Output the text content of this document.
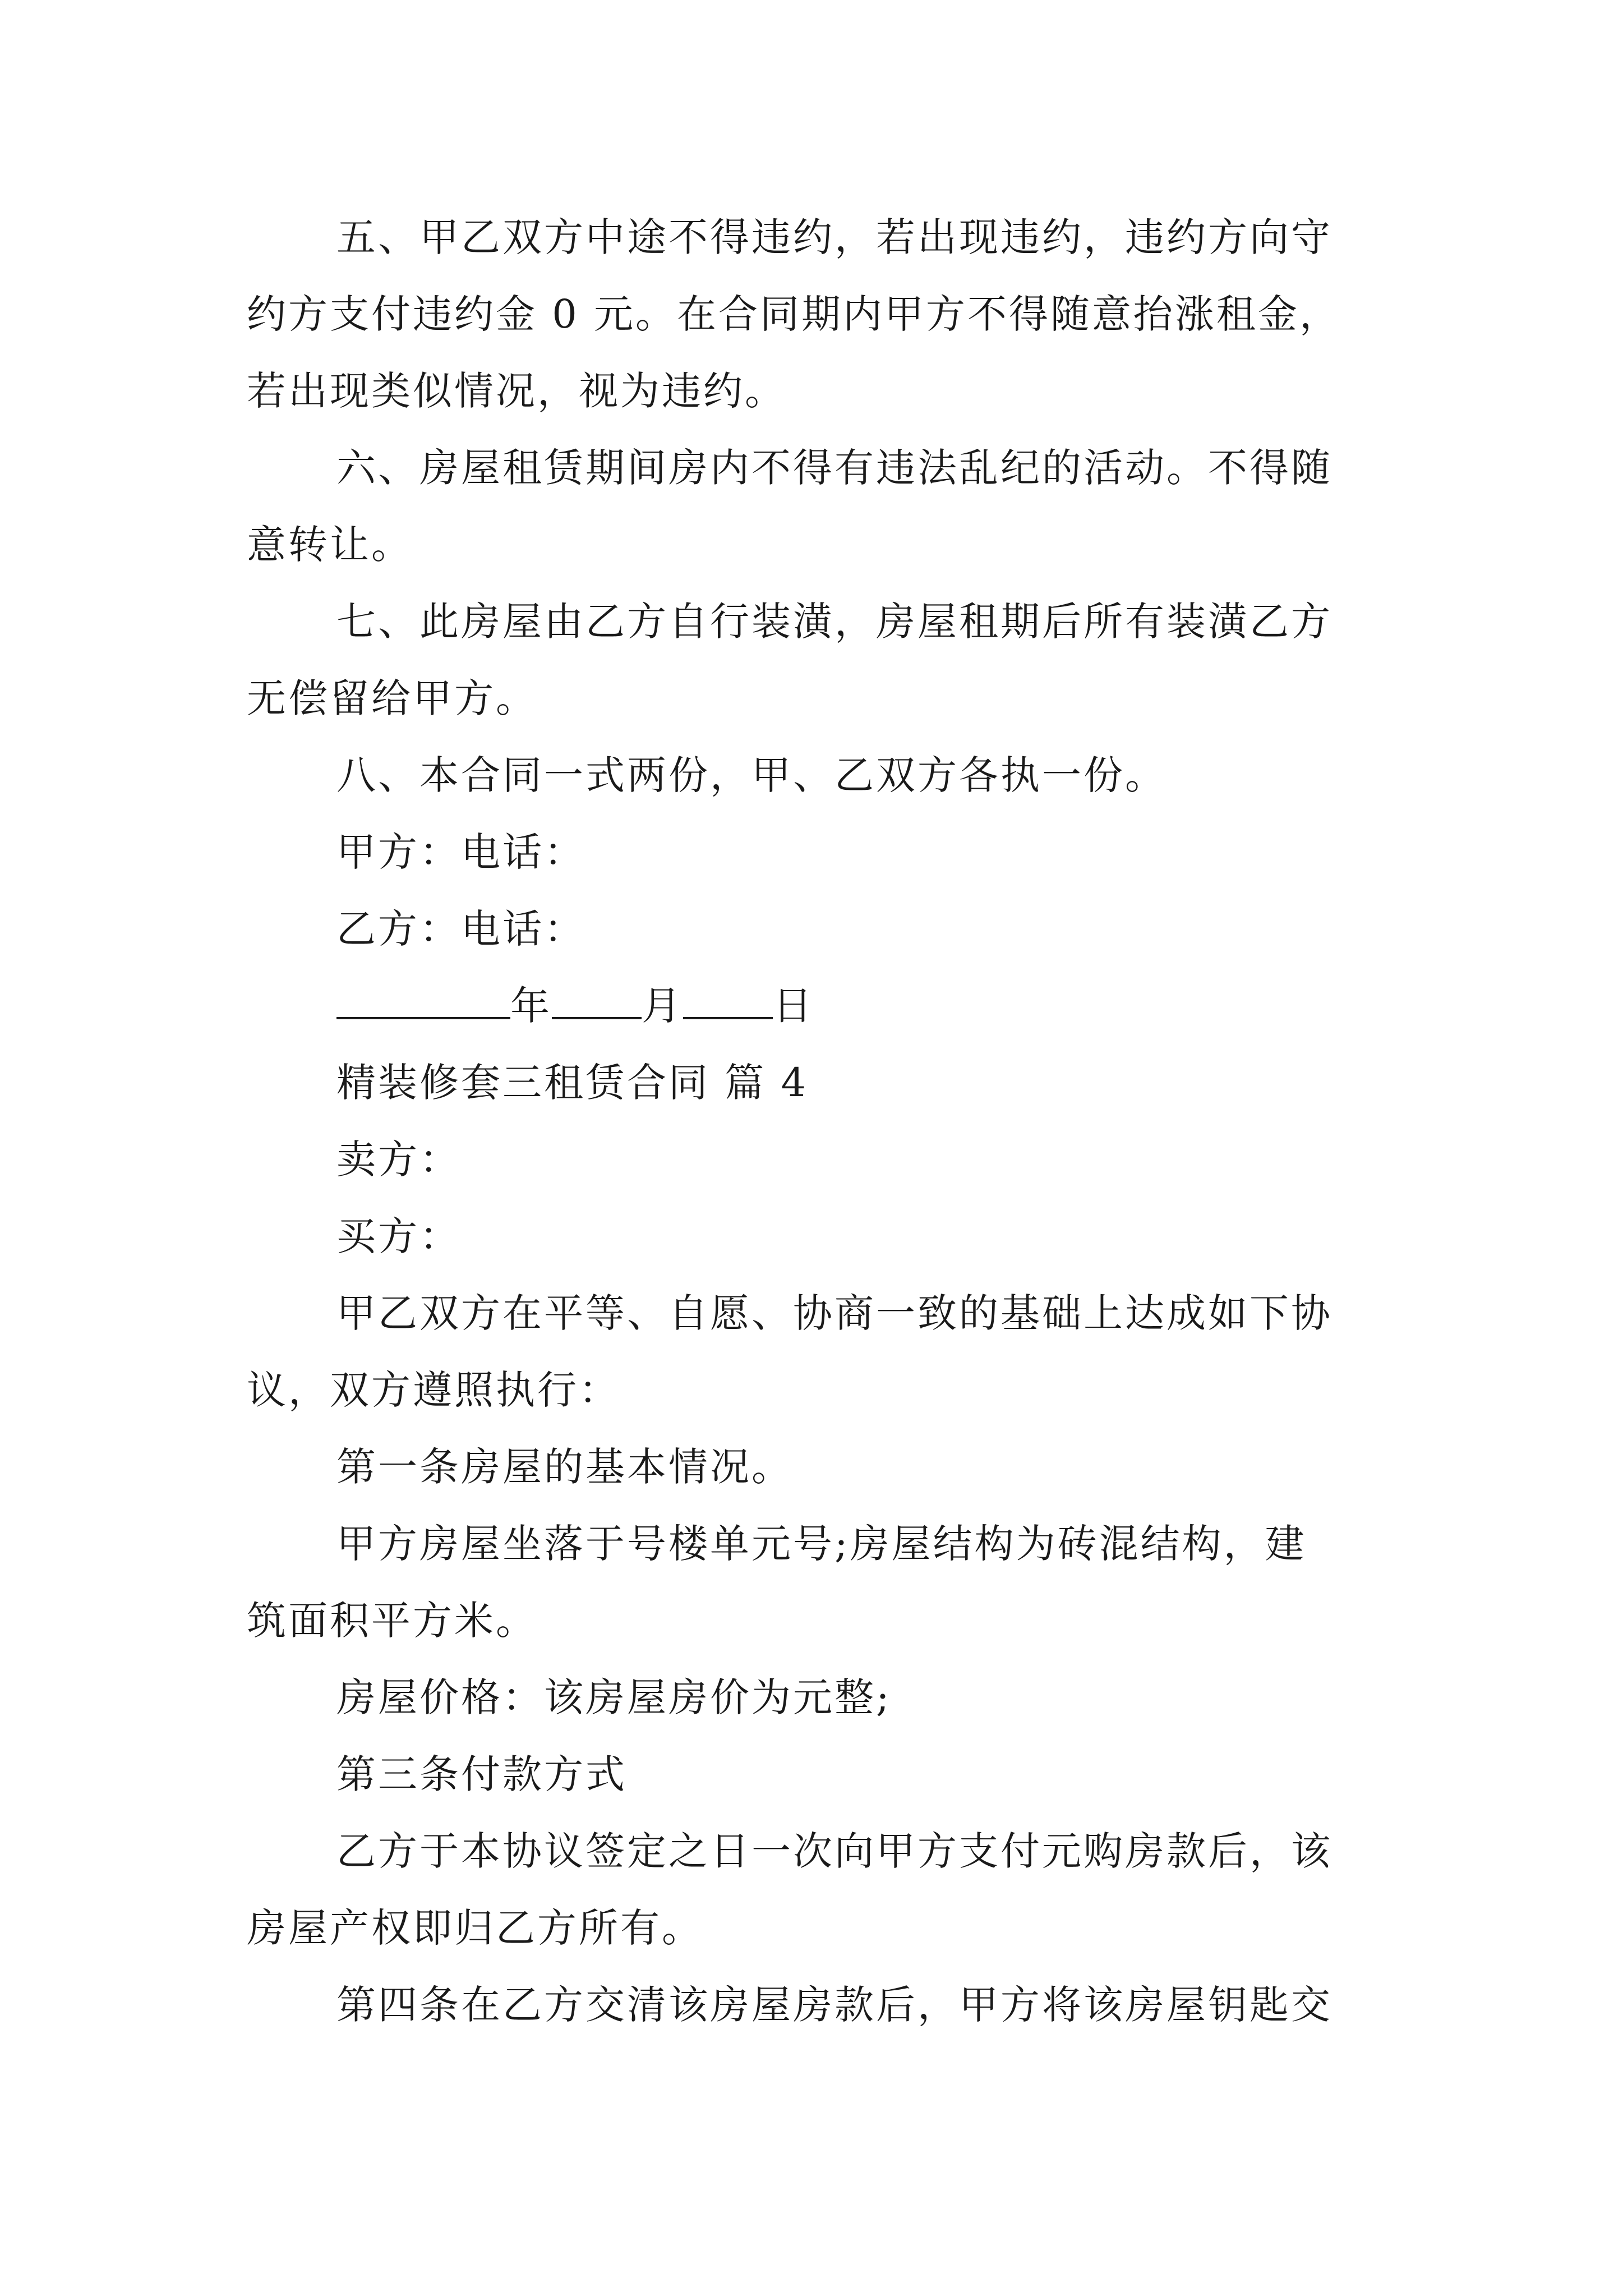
五、甲乙双方中途不得违约，若出现违约，违约方向守
约方支付违约金 0 元。在合同期内甲方不得随意抬涨租金，
若出现类似情况，视为违约。
六、房屋租赁期间房内不得有违法乱纪的活动。不得随
意转让。
七、此房屋由乙方自行装潢，房屋租期后所有装潢乙方
无偿留给甲方。
八、本合同一式两份，甲、乙双方各执一份。
甲方：电话：
乙方：电话：
年 月 日
精装修套三租赁合同 篇 4
卖方：
买方：
甲乙双方在平等、自愿、协商一致的基础上达成如下协
议，双方遵照执行：
第一条房屋的基本情况。
甲方房屋坐落于号楼单元号;房屋结构为砖混结构，建
筑面积平方米。
房屋价格：该房屋房价为元整;
第三条付款方式
乙方于本协议签定之日一次向甲方支付元购房款后，该
房屋产权即归乙方所有。
第四条在乙方交清该房屋房款后，甲方将该房屋钥匙交
